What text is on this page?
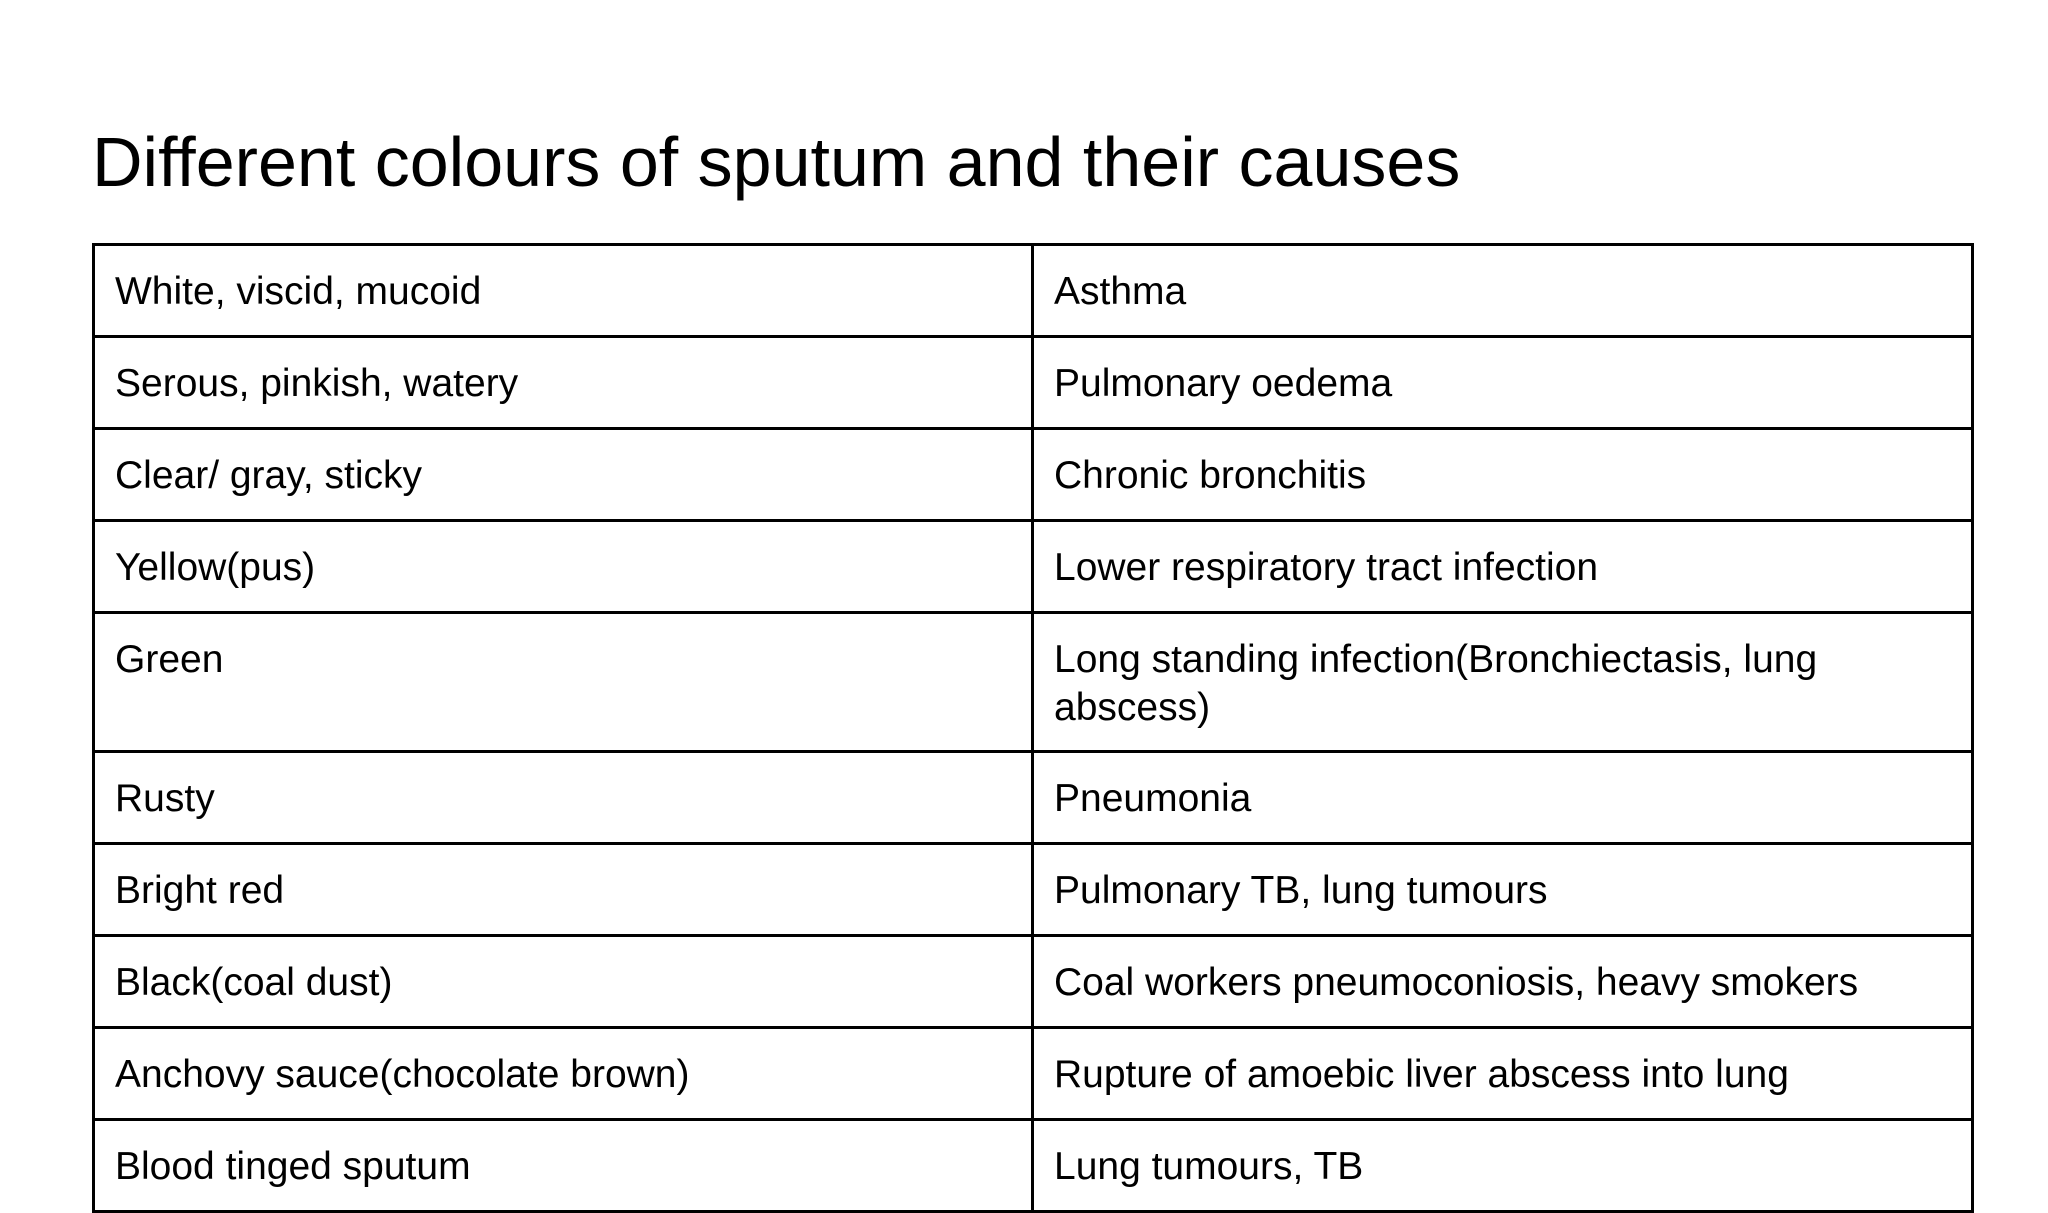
Different colours of sputum and their causes
White, viscid, mucoid	Asthma
Serous, pinkish, watery	Pulmonary oedema
Clear/ gray, sticky	Chronic bronchitis
Yellow(pus)	Lower respiratory tract infection
Green	Long standing infection(Bronchiectasis, lung abscess)
Rusty	Pneumonia
Bright red	Pulmonary TB, lung tumours
Black(coal dust)	Coal workers pneumoconiosis, heavy smokers
Anchovy sauce(chocolate brown)	Rupture of amoebic liver abscess into lung
Blood tinged sputum	Lung tumours, TB
